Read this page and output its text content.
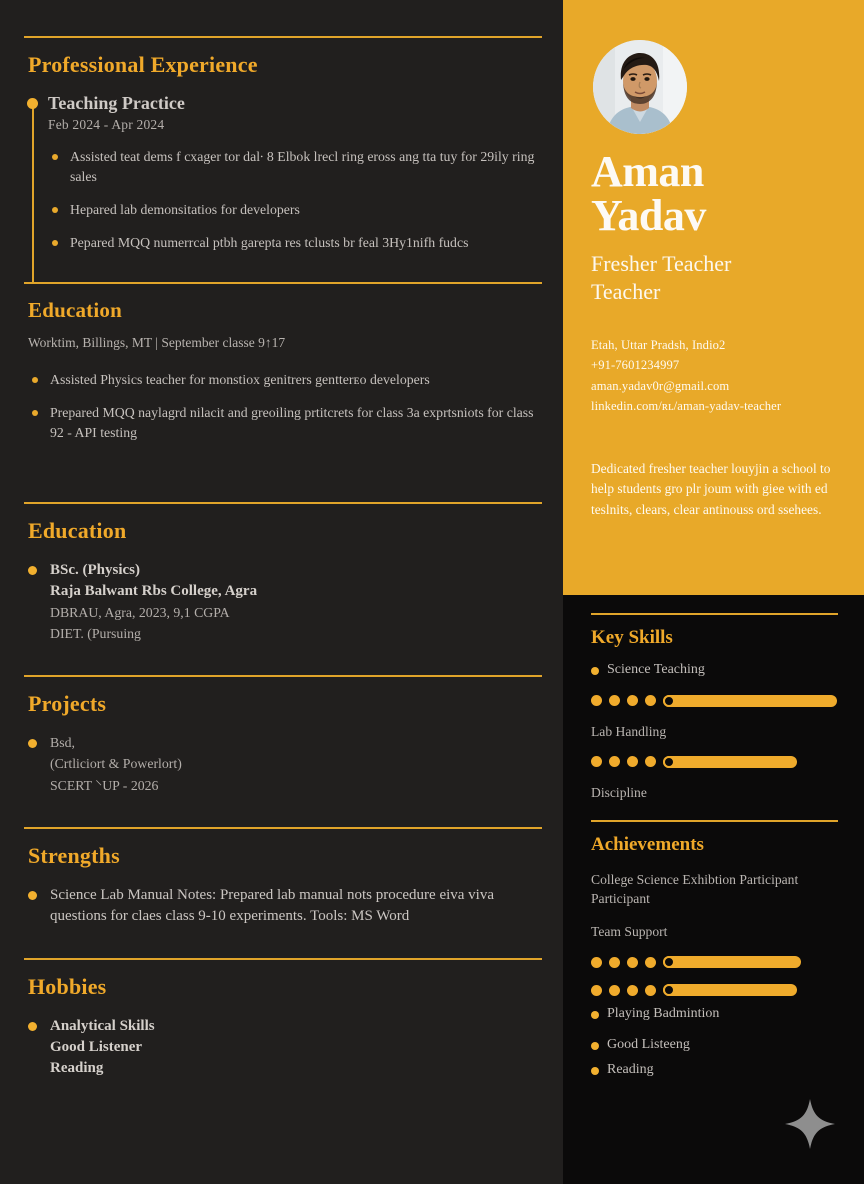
Professional Experience
Teaching Practice
Feb 2024 - Apr 2024
Assisted teat dems f cxager tor dal∙ 8 Elbok lrecl ring eross ang tta tuy for 29ily ring sales
Hepared lab demonsitatios for developers
Pepared MQQ numerrcal ptbh garepta res tclusts br feal 3Hy1nifh fudcs
Education
Worktim, Billings, MT | September classe 9↑17
Assisted Physics teacher for monstiox genitrers gentterᴇᴏ developers
Prepared MQQ naylagrd nilacit and greoiling prtitcrets for class 3a exprtsniots for class 92 - API testing
Education
BSc. (Physics)
Raja Balwant Rbs College, Agra
DBRAU, Agra, 2023, 9,1 CGPA
DIET. (Pursuing
Projects
Bsd,
(Crtliciort & Powerlort)
SCERT ⸌UP - 2026
Strengths
Science Lab Manual Notes: Prepared lab manual nots procedure eiva viva questions for claes class 9-10 experiments. Tools: MS Word
Hobbies
Analytical Skills
Good Listener
Reading
Aman
Yadav
Fresher Teacher
Teacher
Etah, Uttar Pradsh, Indio2
+91-7601234997
aman.yadav0r@gmail.com
linkedin.com/ʀʟ/aman-yadav-teacher
Dedicated fresher teacher louyjin a school to help students gro plr joum with giee with ed teslnits, clears, clear antinouss ord ssehees.
Key Skills
Science Teaching
Lab Handling
Discipline
Achievements
College Science Exhibtion Participant
Participant
Team Support
Playing Badmintion
Good Listeeng
Reading
